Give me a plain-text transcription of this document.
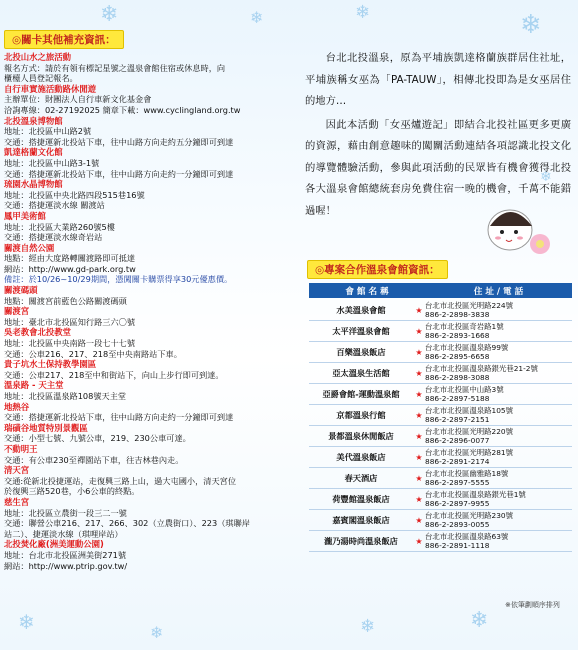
❄	❄	❄	❄
❄
❄	❄	❄	❄
◎關卡其他補充資訊：
北投山水之旅活動
報名方式：請於有領有標記星號之溫泉會館住宿或休息時，向
櫃檯人員登記報名。
自行車實施活動路休閒遊
主辦單位：財團法人自行車新文化基金會
洽詢專線：02-27192025 簡章下載：www.cyclingland.org.tw
北投溫泉博物館
地址：北投區中山路2號
交通：搭捷運新北投站下車，往中山路方向走約五分鐘即可到達
凱達格蘭文化館
地址：北投區中山路3-1號
交通：搭捷運新北投站下車，往中山路方向走約一分鐘即可到達
琉園水晶博物館
地址：北投區中央北路四段515巷16號
交通：搭捷運淡水線 關渡站
鳳甲美術館
地址：北投區大業路260號5樓
交通：搭捷運淡水線奇岩站
關渡自然公園
地點：經由大度路轉關渡路即可抵達
網站：http://www.gd-park.org.tw
備註：於10/26~10/29期間，憑闖關卡購票得享30元優惠價。
關渡碼頭
地點：關渡宮前藍色公路關渡碼頭
關渡宮
地址：臺北市北投區知行路三六〇號
吳老教會北投教堂
地址：北投區中央南路一段七十七號
交通：公車216、217、218至中央南路站下車。
貴子坑水土保持教學園區
交通：公車217、218至中和街站下，向山上步行即可到達。
溫泉路 - 天主堂
地址：北投區溫泉路108號天主堂
地熱谷
交通：搭捷運新北投站下車，往中山路方向走約一分鐘即可到達
瑞磺谷地質特別景觀區
交通：小型七號、九號公車，219、230公車可達。
不動明王
交通：有公車230至禪園站下車，往吉林巷內走。
清天宮
交通:從新北投捷運站，走復興三路上山，過大屯國小，清天宮位
於復興三路520巷，小6公車的終點。
慈生宮
地址：北投區立農街一段三二一號
交通：聯營公車216、217、266、302（立農街口）、223（琪聯岸
站二）、捷運淡水線（琪哩岸站）
北投焚化廠(洲美運動公園)
地址：台北市北投區洲美街271號
網站：http://www.ptrip.gov.tw/

台北北投溫泉，原為平埔族凱達格蘭族群居住社址，平埔族稱女巫為「PA-TAUW」，相傳北投即為是女巫居住的地方…

因此本活動「女巫爐遊記」即結合北投社區更多更廣的資源，藉由創意趣味的闖關活動連結各項認識北投文化的導覽體驗活動，參與此項活動的民眾皆有機會獲得北投各大溫泉會館總統套房免費住宿一晚的機會，千萬不能錯過喔！

◎專案合作溫泉會館資訊：
會 館 名 稱		住 址 / 電 話
水美溫泉會館	★	台北市北投區光明路224號
886-2-2898-3838

太平洋溫泉會館	★	台北市北投區奇岩路1號
886-2-2893-1668

百樂溫泉飯店	★	台北市北投區溫泉路99號
886-2-2895-6658

亞太溫泉生活館	★	台北市北投區溫泉路銀光巷21-2號
886-2-2898-3088

亞爵會館-運動溫泉館	★	台北市北投區中山路3號
886-2-2897-5188

京都溫泉行館	★	台北市北投區溫泉路105號
886-2-2897-2151

景都溫泉休閒飯店	★	台北市北投區光明路220號
886-2-2896-0077

美代溫泉飯店	★	台北市北投區光明路281號
886-2-2891-2174

春天酒店	★	台北市北投區幽雅路18號
886-2-2897-5555

荷豐館溫泉飯店	★	台北市北投區溫泉路銀光巷1號
886-2-2897-9955

嘉賓閣溫泉飯店	★	台北市北投區光明路230號
886-2-2893-0055

瀧乃湯時尚溫泉飯店	★	台北市北投區溫泉路63號
886-2-2891-1118
※依筆劃順序排列
